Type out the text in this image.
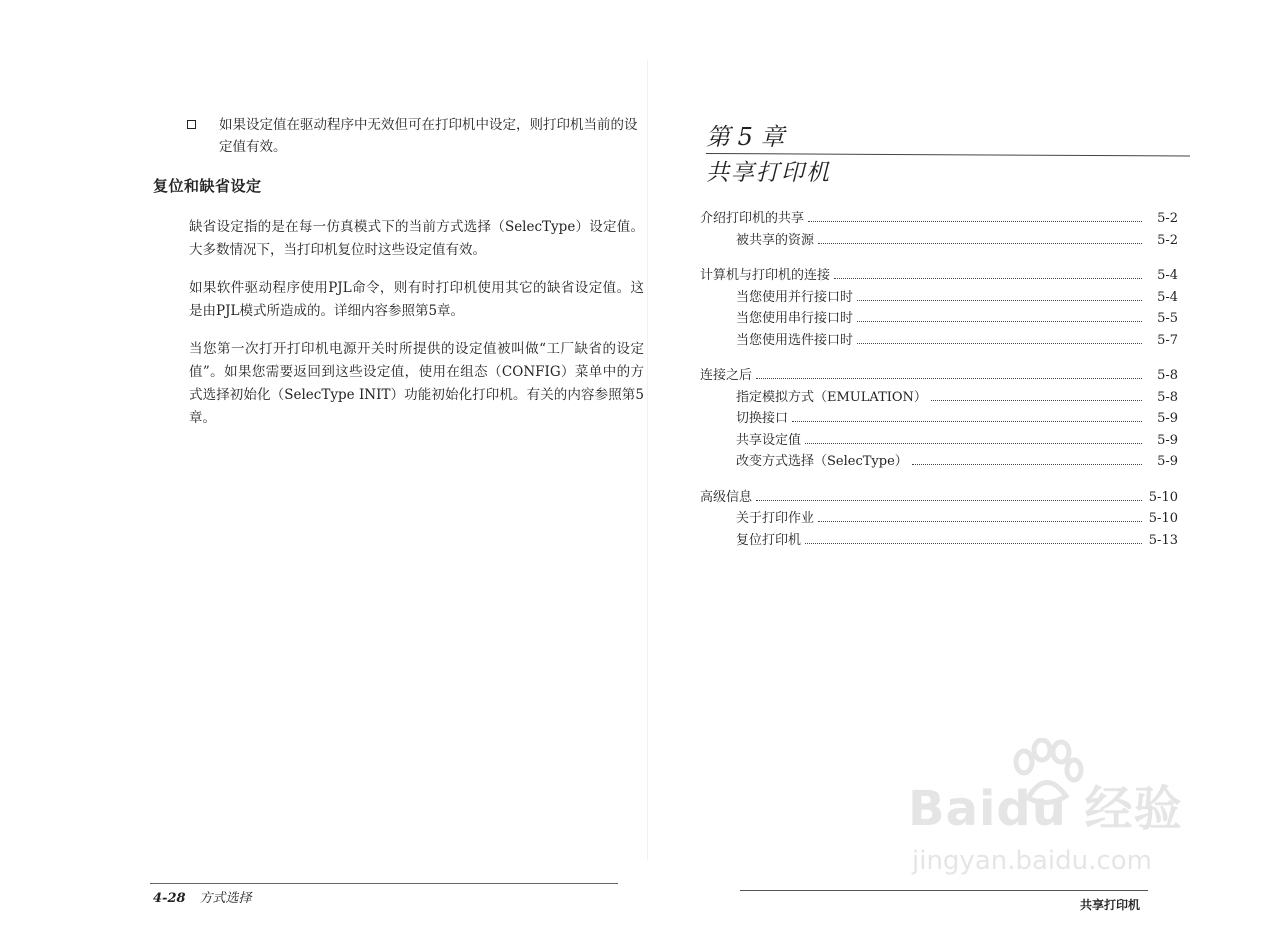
如果设定值在驱动程序中无效但可在打印机中设定，则打印机当前的设定值有效。
复位和缺省设定

缺省设定指的是在每一仿真模式下的当前方式选择（SelecType）设定值。大多数情况下，当打印机复位时这些设定值有效。

如果软件驱动程序使用PJL命令，则有时打印机使用其它的缺省设定值。这是由PJL模式所造成的。详细内容参照第5章。

当您第一次打开打印机电源开关时所提供的设定值被叫做“工厂缺省的设定值”。如果您需要返回到这些设定值，使用在组态（CONFIG）菜单中的方式选择初始化（SelecType INIT）功能初始化打印机。有关的内容参照第5章。

4-28 方式选择
第 5 章
共享打印机
介绍打印机的共享	5-2
被共享的资源	5-2
计算机与打印机的连接	5-4
当您使用并行接口时	5-4
当您使用串行接口时	5-5
当您使用选件接口时	5-7
连接之后	5-8
指定模拟方式（EMULATION）	5-8
切换接口	5-9
共享设定值	5-9
改变方式选择（SelecType）	5-9
高级信息	5-10
关于打印作业	5-10
复位打印机	5-13
共享打印机
Baidu 经验
jingyan.baidu.com
